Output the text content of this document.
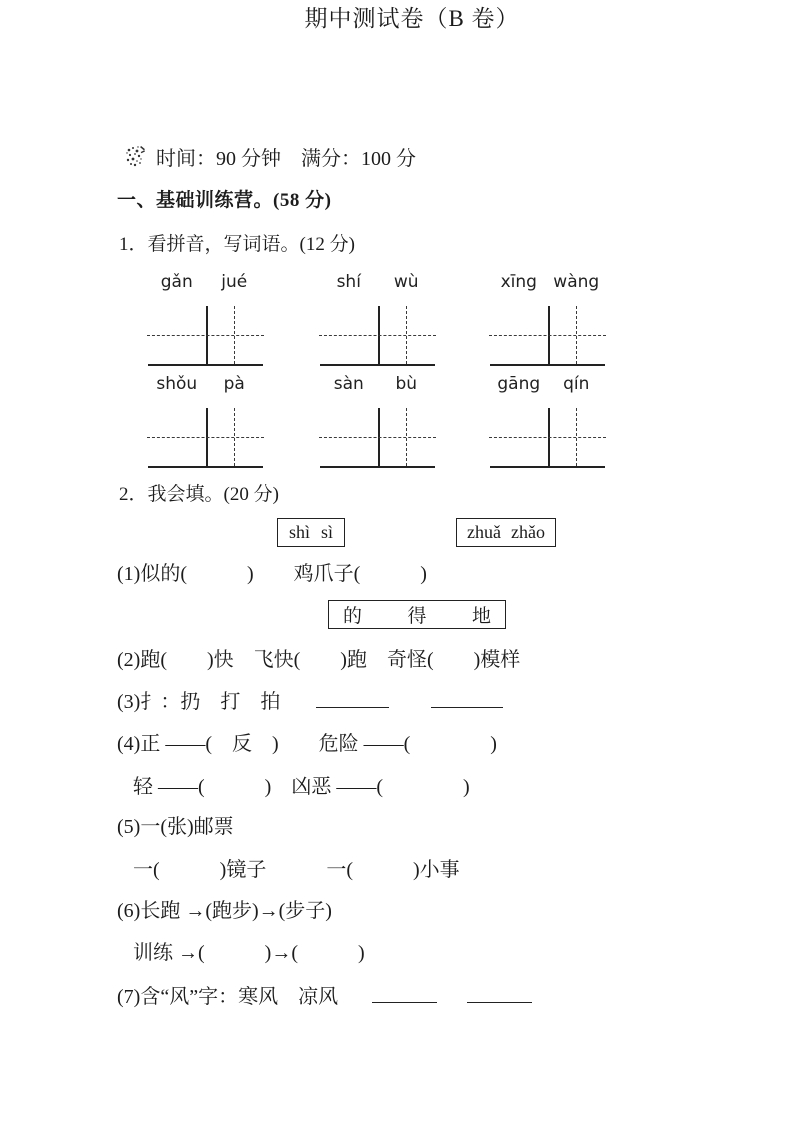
期中测试卷（B 卷）
时间：90 分钟　满分：100 分
一、基础训练营。(58 分)
1．看拼音，写词语。(12 分)
gǎn	jué	shí	wù	xīng wàng
shǒu	pà	sàn	bù	gāng	qín
2．我会填。(20 分)
shì sì	zhuǎ zhǎo
(1)似的(　　　)　　鸡爪子(　　　)
的 得 地
(2)跑(　　)快　飞快(　　)跑　奇怪(　　)模样
(3)扌：扔　打　拍
(4)正 ——(　反　)　　危险 ——(　　　　)
轻 ——(　　　)　凶恶 ——(　　　　)
(5)一(张)邮票
一(　　　)镜子　　　一(　　　)小事
(6)长跑 →(跑步)→(步子)
训练 →(　　　)→(　　　)
(7)含“风”字：寒风　凉风
